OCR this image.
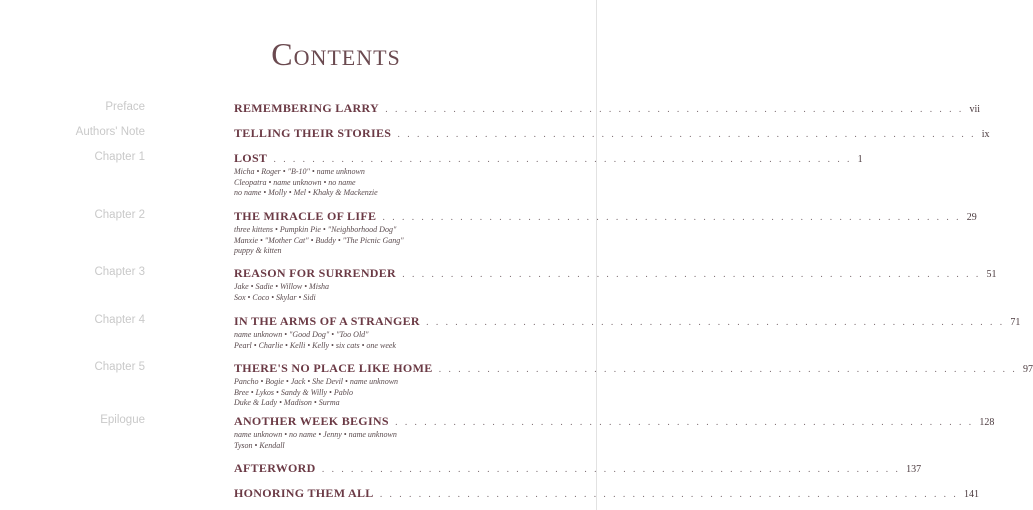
Contents
Preface	REMEMBERING LARRY . . . . . . . . . . . . . . . . . . . . . . . . . . . . . . . . . . . . . . . . . . . . . . . . . . . . . . . . . . . . vii
Authors' Note	TELLING THEIR STORIES . . . . . . . . . . . . . . . . . . . . . . . . . . . . . . . . . . . . . . . . . . . . . . . . . . . . . . . . . . . . ix
Chapter 1	LOST . . . . . . . . . . . . . . . . . . . . . . . . . . . . . . . . . . . . . . . . . . . . . . . . . . . . . . . . . . . . 1
Micha • Roger • "B-10" • name unknown
Cleopatra • name unknown • no name
no name • Molly • Mel • Khaky & Mackenzie
Chapter 2	THE MIRACLE OF LIFE . . . . . . . . . . . . . . . . . . . . . . . . . . . . . . . . . . . . . . . . . . . . . . . . . . . . . . . . . . . . 29
three kittens • Pumpkin Pie • "Neighborhood Dog"
Manxie • "Mother Cat" • Buddy • "The Picnic Gang"
puppy & kitten
Chapter 3	REASON FOR SURRENDER . . . . . . . . . . . . . . . . . . . . . . . . . . . . . . . . . . . . . . . . . . . . . . . . . . . . . . . . . . . . 51
Jake • Sadie • Willow • Misha
Sox • Coco • Skylar • Sidi
Chapter 4	IN THE ARMS OF A STRANGER . . . . . . . . . . . . . . . . . . . . . . . . . . . . . . . . . . . . . . . . . . . . . . . . . . . . . . . . . . . . 71
name unknown • "Good Dog" • "Too Old"
Pearl • Charlie • Kelli • Kelly • six cats • one week
Chapter 5	THERE'S NO PLACE LIKE HOME . . . . . . . . . . . . . . . . . . . . . . . . . . . . . . . . . . . . . . . . . . . . . . . . . . . . . . . . . . . . 97
Pancho • Bogie • Jack • She Devil • name unknown
Bree • Lykos • Sandy & Willy • Pablo
Duke & Lady • Madison • Surma
Epilogue	ANOTHER WEEK BEGINS . . . . . . . . . . . . . . . . . . . . . . . . . . . . . . . . . . . . . . . . . . . . . . . . . . . . . . . . . . . . 128
name unknown • no name • Jenny • name unknown
Tyson • Kendall
AFTERWORD . . . . . . . . . . . . . . . . . . . . . . . . . . . . . . . . . . . . . . . . . . . . . . . . . . . . . . . . . . . . 137
HONORING THEM ALL . . . . . . . . . . . . . . . . . . . . . . . . . . . . . . . . . . . . . . . . . . . . . . . . . . . . . . . . . . . . 141
